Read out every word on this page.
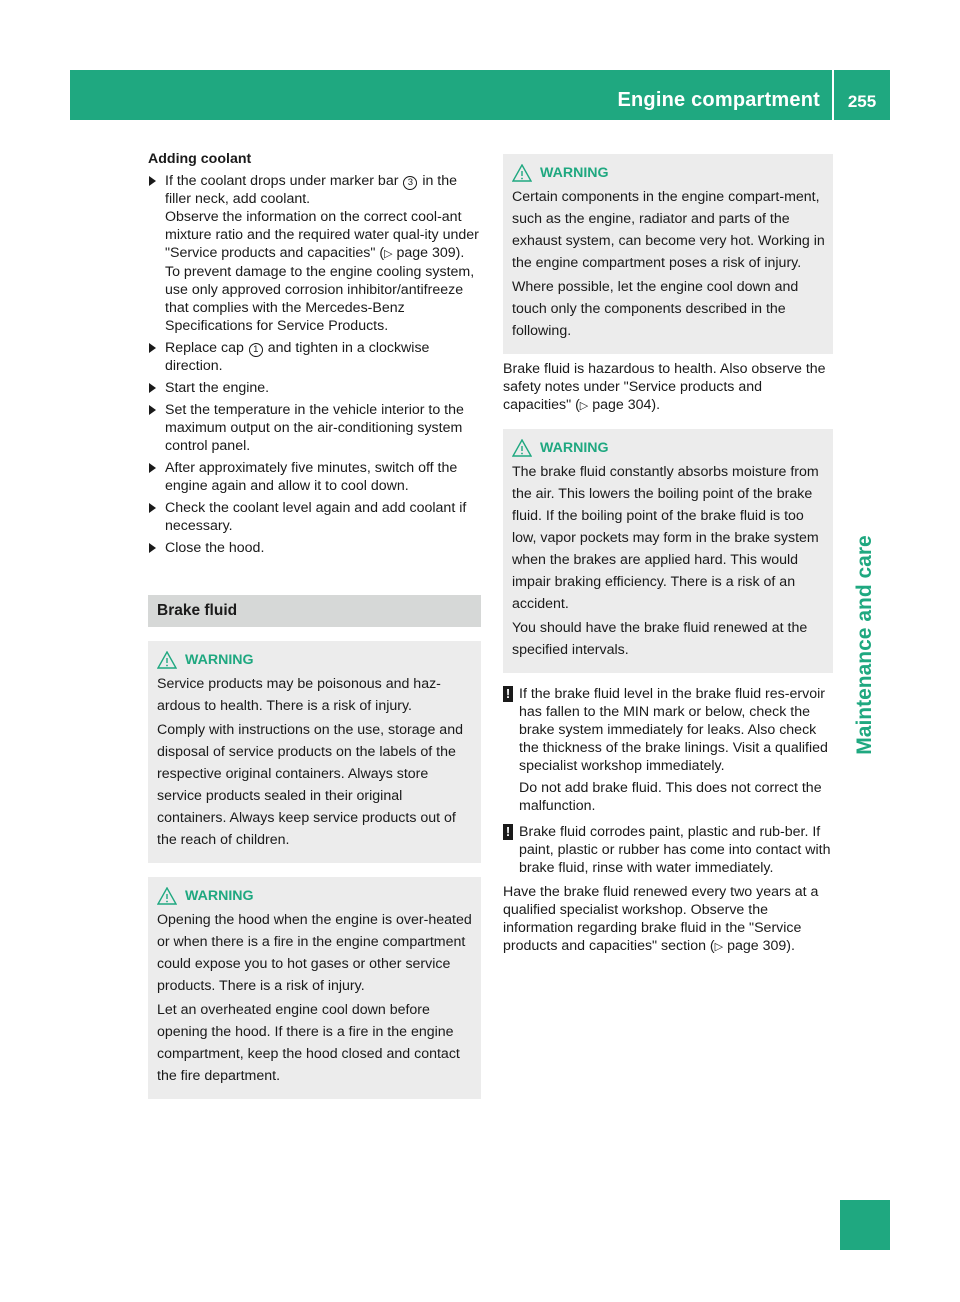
Engine compartment	255
Maintenance and care
Adding coolant
If the coolant drops under marker bar 3 in the filler neck, add coolant.
Observe the information on the correct cool-ant mixture ratio and the required water qual-ity under "Service products and capacities" (▷ page 309). To prevent damage to the engine cooling system, use only approved corrosion inhibitor/antifreeze that complies with the Mercedes-Benz Specifications for Service Products.
Replace cap 1 and tighten in a clockwise direction.
Start the engine.
Set the temperature in the vehicle interior to the maximum output on the air-conditioning system control panel.
After approximately five minutes, switch off the engine again and allow it to cool down.
Check the coolant level again and add coolant if necessary.
Close the hood.
Brake fluid
WARNING

Service products may be poisonous and haz-ardous to health. There is a risk of injury.

Comply with instructions on the use, storage and disposal of service products on the labels of the respective original containers. Always store service products sealed in their original containers. Always keep service products out of the reach of children.

WARNING

Opening the hood when the engine is over-heated or when there is a fire in the engine compartment could expose you to hot gases or other service products. There is a risk of injury.

Let an overheated engine cool down before opening the hood. If there is a fire in the engine compartment, keep the hood closed and contact the fire department.

WARNING

Certain components in the engine compart-ment, such as the engine, radiator and parts of the exhaust system, can become very hot. Working in the engine compartment poses a risk of injury.

Where possible, let the engine cool down and touch only the components described in the following.

Brake fluid is hazardous to health. Also observe the safety notes under "Service products and capacities" (▷ page 304).

WARNING

The brake fluid constantly absorbs moisture from the air. This lowers the boiling point of the brake fluid. If the boiling point of the brake fluid is too low, vapor pockets may form in the brake system when the brakes are applied hard. This would impair braking efficiency. There is a risk of an accident.

You should have the brake fluid renewed at the specified intervals.

! If the brake fluid level in the brake fluid res-ervoir has fallen to the MIN mark or below, check the brake system immediately for leaks. Also check the thickness of the brake linings. Visit a qualified specialist workshop immediately.

Do not add brake fluid. This does not correct the malfunction.

! Brake fluid corrodes paint, plastic and rub-ber. If paint, plastic or rubber has come into contact with brake fluid, rinse with water immediately.

Have the brake fluid renewed every two years at a qualified specialist workshop. Observe the information regarding brake fluid in the "Service products and capacities" section (▷ page 309).
